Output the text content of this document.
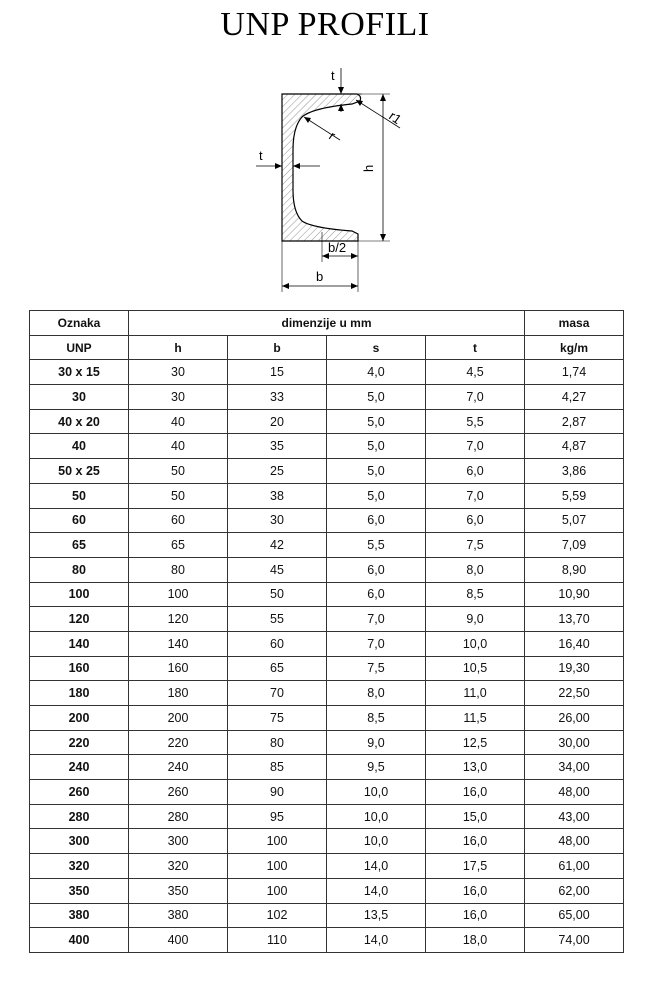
UNP PROFILI
t
t
r
r1
h
b/2
b
Oznaka	dimenzije u mm				masa
UNP	h	b	s	t	kg/m
30 x 15	30	15	4,0	4,5	1,74
30	30	33	5,0	7,0	4,27
40 x 20	40	20	5,0	5,5	2,87
40	40	35	5,0	7,0	4,87
50 x 25	50	25	5,0	6,0	3,86
50	50	38	5,0	7,0	5,59
60	60	30	6,0	6,0	5,07
65	65	42	5,5	7,5	7,09
80	80	45	6,0	8,0	8,90
100	100	50	6,0	8,5	10,90
120	120	55	7,0	9,0	13,70
140	140	60	7,0	10,0	16,40
160	160	65	7,5	10,5	19,30
180	180	70	8,0	11,0	22,50
200	200	75	8,5	11,5	26,00
220	220	80	9,0	12,5	30,00
240	240	85	9,5	13,0	34,00
260	260	90	10,0	16,0	48,00
280	280	95	10,0	15,0	43,00
300	300	100	10,0	16,0	48,00
320	320	100	14,0	17,5	61,00
350	350	100	14,0	16,0	62,00
380	380	102	13,5	16,0	65,00
400	400	110	14,0	18,0	74,00
